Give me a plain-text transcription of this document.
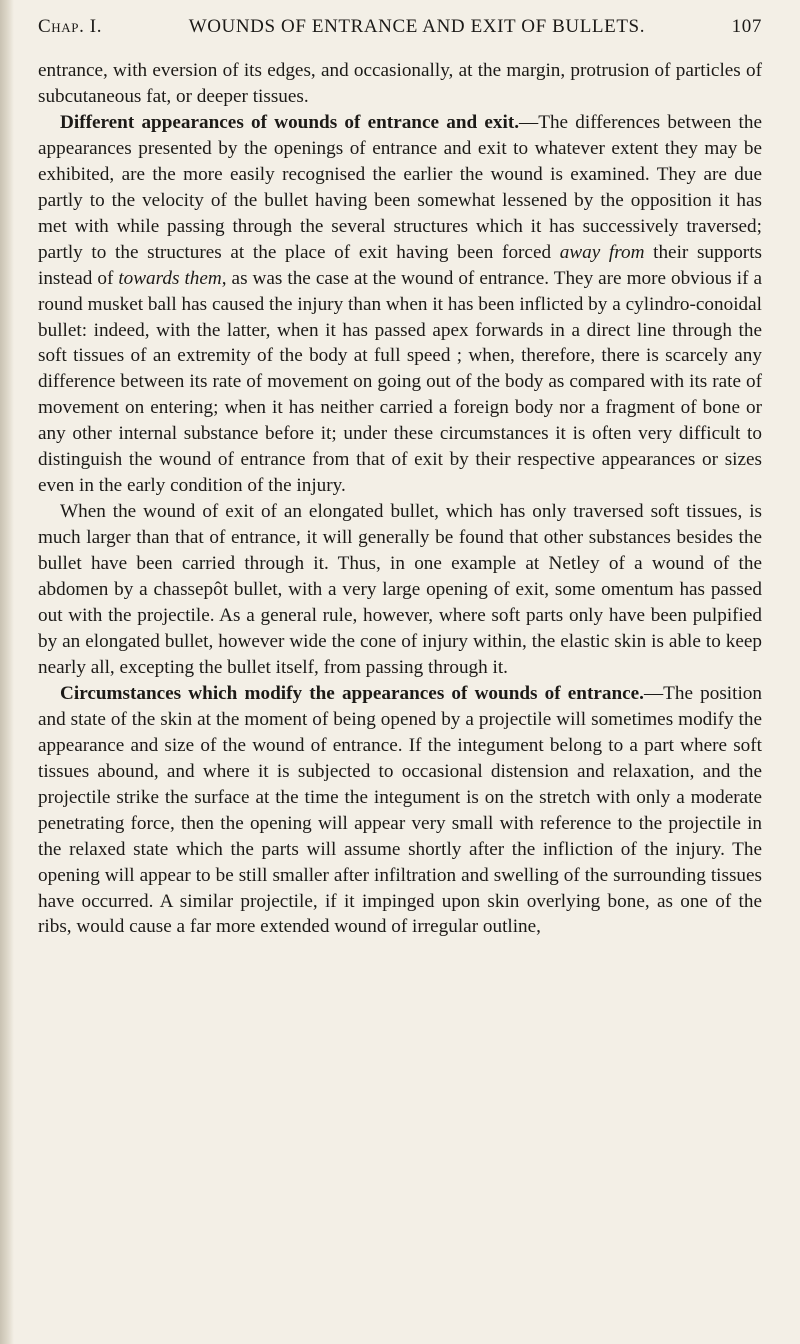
Chap. I.	WOUNDS OF ENTRANCE AND EXIT OF BULLETS.	107

entrance, with eversion of its edges, and occasionally, at the margin, protrusion of particles of subcutaneous fat, or deeper tissues.

Different appearances of wounds of entrance and exit.—The differences between the appearances presented by the openings of entrance and exit to whatever extent they may be exhibited, are the more easily recognised the earlier the wound is examined. They are due partly to the velocity of the bullet having been somewhat lessened by the opposition it has met with while passing through the several structures which it has successively traversed; partly to the structures at the place of exit having been forced away from their supports instead of towards them, as was the case at the wound of entrance. They are more obvious if a round musket ball has caused the injury than when it has been inflicted by a cylindro-conoidal bullet: indeed, with the latter, when it has passed apex forwards in a direct line through the soft tissues of an extremity of the body at full speed ; when, therefore, there is scarcely any difference between its rate of movement on going out of the body as compared with its rate of movement on entering; when it has neither carried a foreign body nor a fragment of bone or any other internal substance before it; under these circumstances it is often very difficult to distinguish the wound of entrance from that of exit by their respective appearances or sizes even in the early condition of the injury.

When the wound of exit of an elongated bullet, which has only traversed soft tissues, is much larger than that of entrance, it will generally be found that other substances besides the bullet have been carried through it. Thus, in one example at Netley of a wound of the abdomen by a chassepôt bullet, with a very large opening of exit, some omentum has passed out with the projectile. As a general rule, however, where soft parts only have been pulpified by an elongated bullet, however wide the cone of injury within, the elastic skin is able to keep nearly all, excepting the bullet itself, from passing through it.

Circumstances which modify the appearances of wounds of entrance.—The position and state of the skin at the moment of being opened by a projectile will sometimes modify the appearance and size of the wound of entrance. If the integument belong to a part where soft tissues abound, and where it is subjected to occasional distension and relaxation, and the projectile strike the surface at the time the integument is on the stretch with only a moderate penetrating force, then the opening will appear very small with reference to the projectile in the relaxed state which the parts will assume shortly after the infliction of the injury. The opening will appear to be still smaller after infiltration and swelling of the surrounding tissues have occurred. A similar projectile, if it impinged upon skin overlying bone, as one of the ribs, would cause a far more extended wound of irregular outline,
